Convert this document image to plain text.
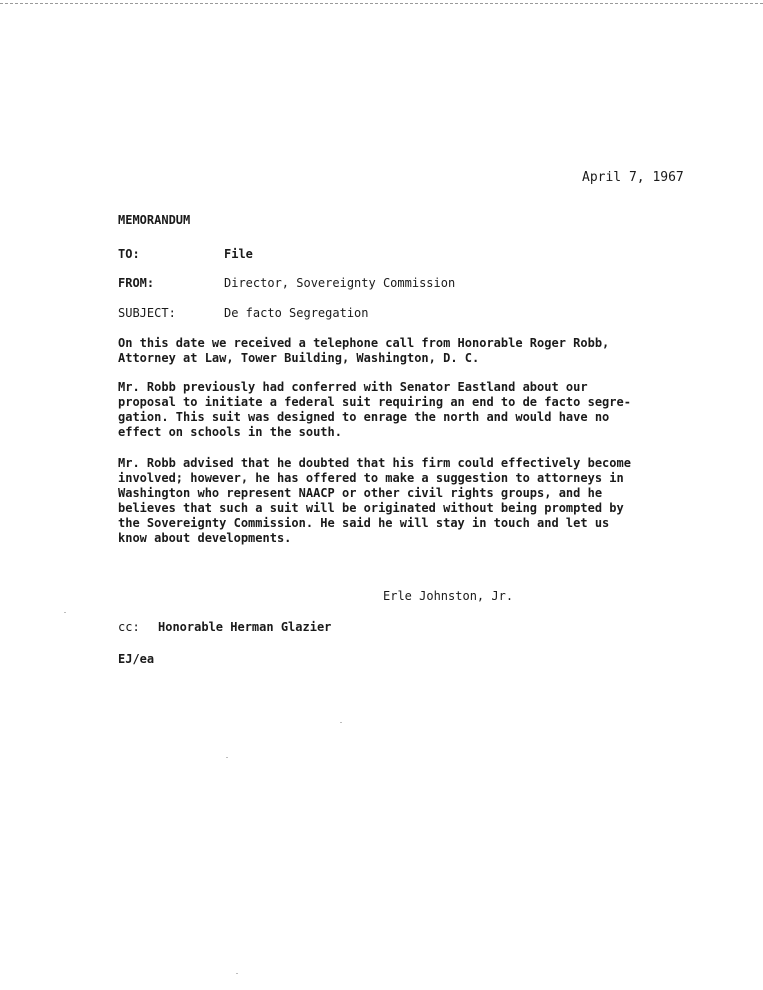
April 7, 1967
MEMORANDUM
TO:	File
FROM:	Director, Sovereignty Commission
SUBJECT:	De facto Segregation

On this date we received a telephone call from Honorable Roger Robb,
Attorney at Law, Tower Building, Washington, D. C.

Mr. Robb previously had conferred with Senator Eastland about our
proposal to initiate a federal suit requiring an end to de facto segre-
gation. This suit was designed to enrage the north and would have no
effect on schools in the south.

Mr. Robb advised that he doubted that his firm could effectively become
involved; however, he has offered to make a suggestion to attorneys in
Washington who represent NAACP or other civil rights groups, and he
believes that such a suit will be originated without being prompted by
the Sovereignty Commission. He said he will stay in touch and let us
know about developments.

Erle Johnston, Jr.
cc: Honorable Herman Glazier
EJ/ea
